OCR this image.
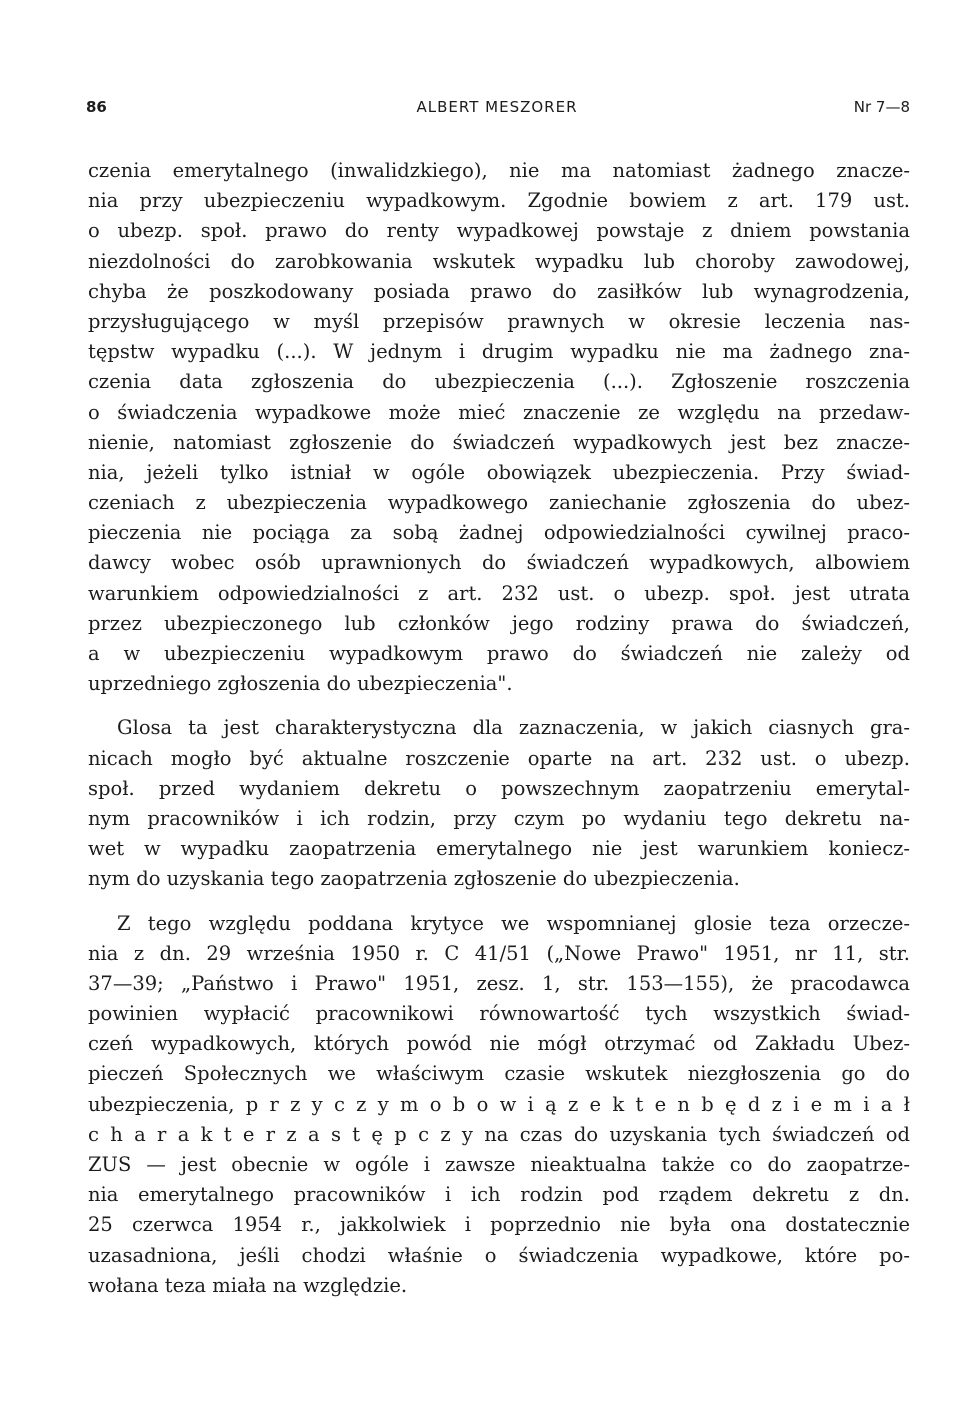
86	ALBERT MESZORER	Nr 7—8
czenia emerytalnego (inwalidzkiego), nie ma natomiast żadnego znacze-
nia przy ubezpieczeniu wypadkowym. Zgodnie bowiem z art. 179 ust.
o ubezp. społ. prawo do renty wypadkowej powstaje z dniem powstania
niezdolności do zarobkowania wskutek wypadku lub choroby zawodowej,
chyba że poszkodowany posiada prawo do zasiłków lub wynagrodzenia,
przysługującego w myśl przepisów prawnych w okresie leczenia nas-
tępstw wypadku (...). W jednym i drugim wypadku nie ma żadnego zna-
czenia data zgłoszenia do ubezpieczenia (...). Zgłoszenie roszczenia
o świadczenia wypadkowe może mieć znaczenie ze względu na przedaw-
nienie, natomiast zgłoszenie do świadczeń wypadkowych jest bez znacze-
nia, jeżeli tylko istniał w ogóle obowiązek ubezpieczenia. Przy świad-
czeniach z ubezpieczenia wypadkowego zaniechanie zgłoszenia do ubez-
pieczenia nie pociąga za sobą żadnej odpowiedzialności cywilnej praco-
dawcy wobec osób uprawnionych do świadczeń wypadkowych, albowiem
warunkiem odpowiedzialności z art. 232 ust. o ubezp. społ. jest utrata
przez ubezpieczonego lub członków jego rodziny prawa do świadczeń,
a w ubezpieczeniu wypadkowym prawo do świadczeń nie zależy od
uprzedniego zgłoszenia do ubezpieczenia".
Glosa ta jest charakterystyczna dla zaznaczenia, w jakich ciasnych gra-
nicach mogło być aktualne roszczenie oparte na art. 232 ust. o ubezp.
społ. przed wydaniem dekretu o powszechnym zaopatrzeniu emerytal-
nym pracowników i ich rodzin, przy czym po wydaniu tego dekretu na-
wet w wypadku zaopatrzenia emerytalnego nie jest warunkiem koniecz-
nym do uzyskania tego zaopatrzenia zgłoszenie do ubezpieczenia.
Z tego względu poddana krytyce we wspomnianej glosie teza orzecze-
nia z dn. 29 września 1950 r. C 41/51 („Nowe Prawo" 1951, nr 11, str.
37—39; „Państwo i Prawo" 1951, zesz. 1, str. 153—155), że pracodawca
powinien wypłacić pracownikowi równowartość tych wszystkich świad-
czeń wypadkowych, których powód nie mógł otrzymać od Zakładu Ubez-
pieczeń Społecznych we właściwym czasie wskutek niezgłoszenia go do
ubezpieczenia, p r z y c z y m o b o w i ą z e k t e n b ę d z i e m i a ł
c h a r a k t e r z a s t ę p c z y na czas do uzyskania tych świadczeń od
ZUS — jest obecnie w ogóle i zawsze nieaktualna także co do zaopatrze-
nia emerytalnego pracowników i ich rodzin pod rządem dekretu z dn.
25 czerwca 1954 r., jakkolwiek i poprzednio nie była ona dostatecznie
uzasadniona, jeśli chodzi właśnie o świadczenia wypadkowe, które po-
wołana teza miała na względzie.
